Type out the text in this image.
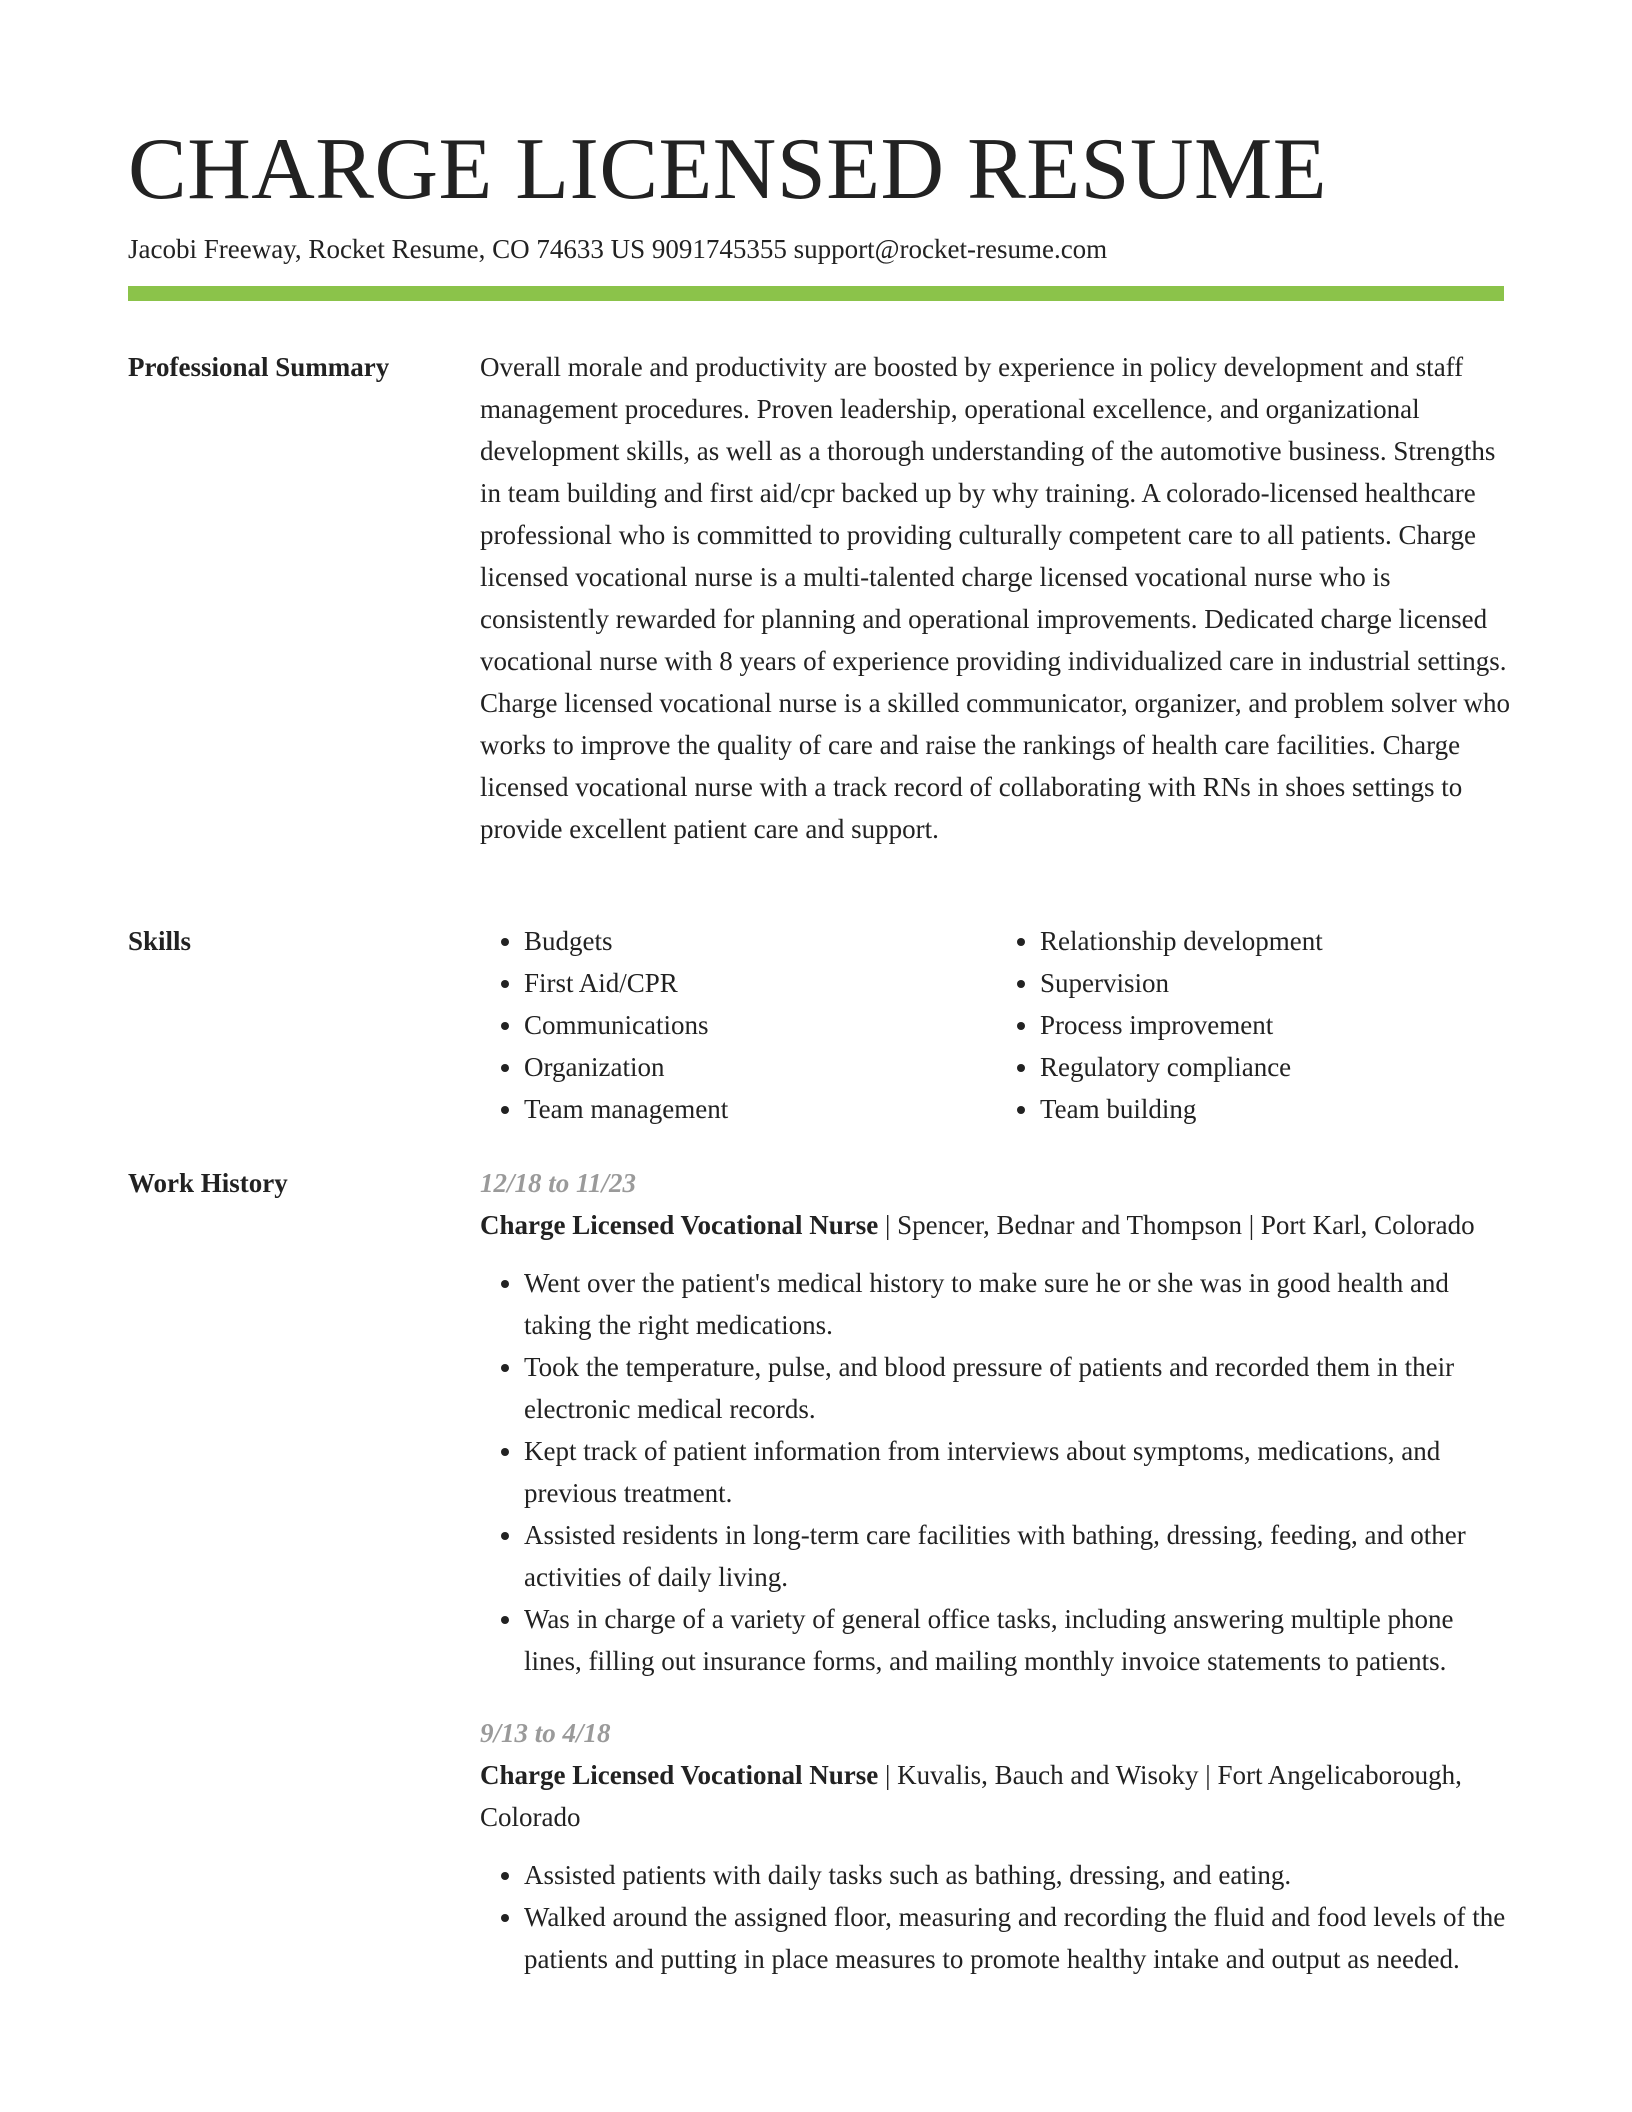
CHARGE LICENSED RESUME
Jacobi Freeway, Rocket Resume, CO 74633 US 9091745355 support@rocket-resume.com
Professional Summary	Overall morale and productivity are boosted by experience in policy development and staff management procedures. Proven leadership, operational excellence, and organizational development skills, as well as a thorough understanding of the automotive business. Strengths in team building and first aid/cpr backed up by why training. A colorado-licensed healthcare professional who is committed to providing culturally competent care to all patients. Charge licensed vocational nurse is a multi-talented charge licensed vocational nurse who is consistently rewarded for planning and operational improvements. Dedicated charge licensed vocational nurse with 8 years of experience providing individualized care in industrial settings. Charge licensed vocational nurse is a skilled communicator, organizer, and problem solver who works to improve the quality of care and raise the rankings of health care facilities. Charge licensed vocational nurse with a track record of collaborating with RNs in shoes settings to provide excellent patient care and support.

Skills
•	Budgets
• First Aid/CPR
• Communications
• Organization
• Team management
• Relationship development
• Supervision
• Process improvement
• Regulatory compliance
• Team building
Work History	12/18 to 11/23
Charge Licensed Vocational Nurse | Spencer, Bednar and Thompson | Port Karl, Colorado
• Went over the patient's medical history to make sure he or she was in good health and taking the right medications.
• Took the temperature, pulse, and blood pressure of patients and recorded them in their electronic medical records.
• Kept track of patient information from interviews about symptoms, medications, and previous treatment.
• Assisted residents in long-term care facilities with bathing, dressing, feeding, and other activities of daily living.
• Was in charge of a variety of general office tasks, including answering multiple phone lines, filling out insurance forms, and mailing monthly invoice statements to patients.
9/13 to 4/18
Charge Licensed Vocational Nurse | Kuvalis, Bauch and Wisoky | Fort Angelicaborough, Colorado
• Assisted patients with daily tasks such as bathing, dressing, and eating.
• Walked around the assigned floor, measuring and recording the fluid and food levels of the patients and putting in place measures to promote healthy intake and output as needed.
